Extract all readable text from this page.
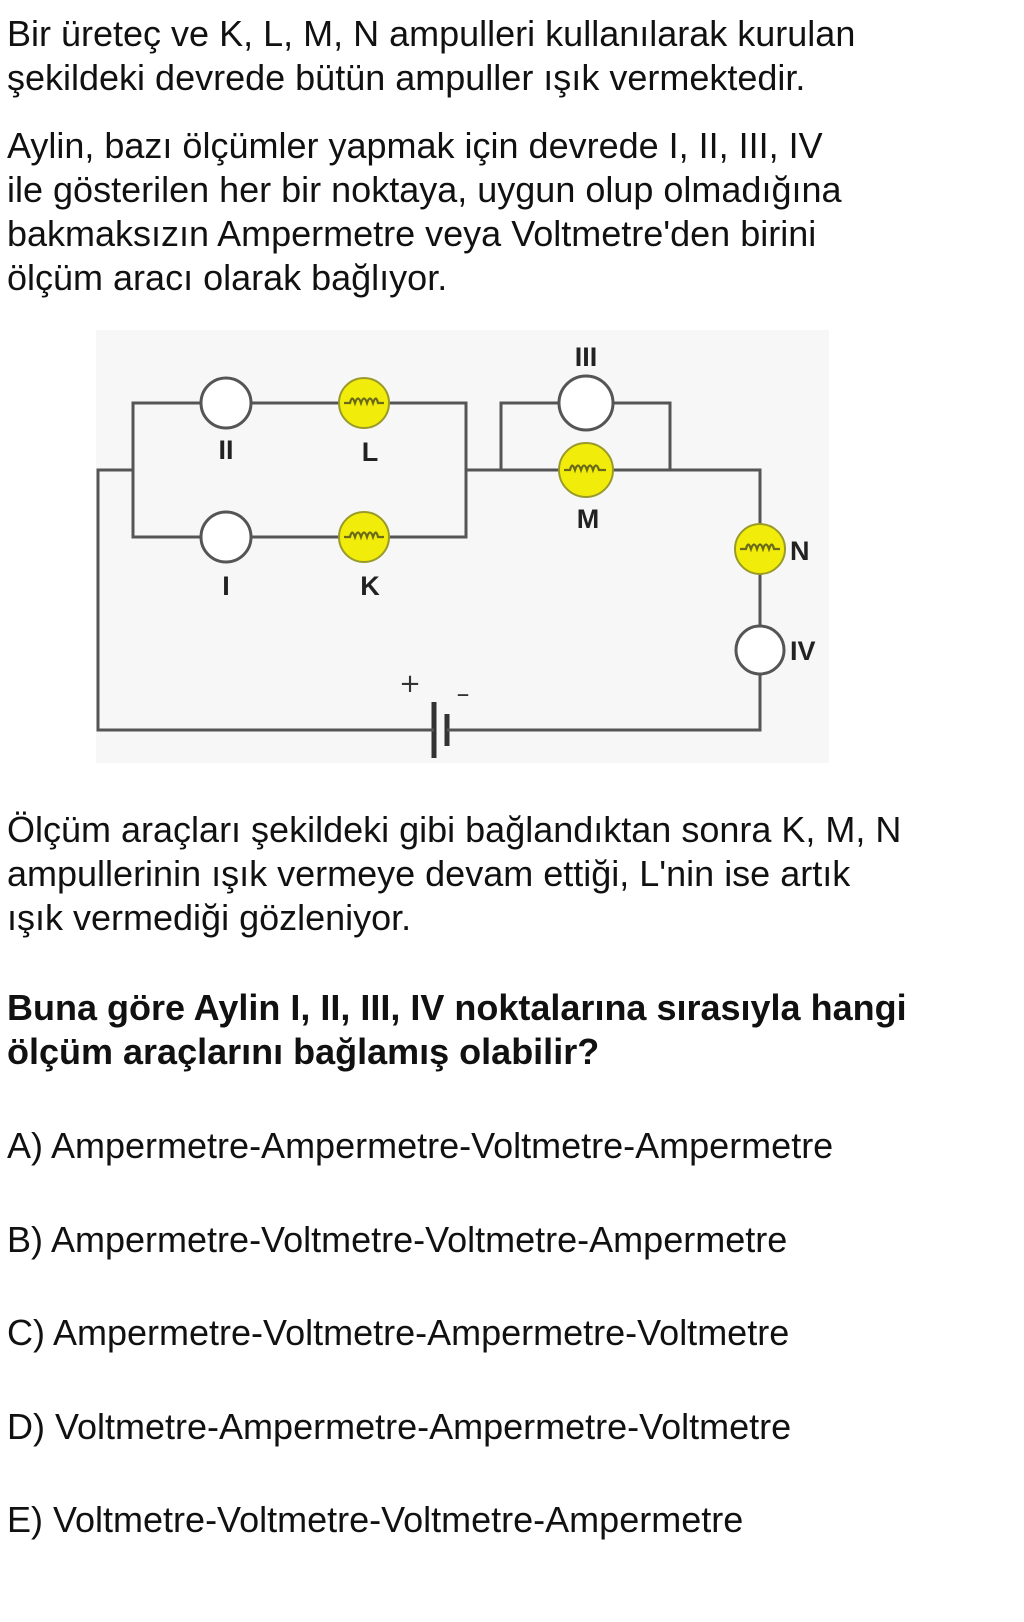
Bir üreteç ve K, L, M, N ampulleri kullanılarak kurulan
şekildeki devrede bütün ampuller ışık vermektedir.

Aylin, bazı ölçümler yapmak için devrede I, II, III, IV
ile gösterilen her bir noktaya, uygun olup olmadığına
bakmaksızın Ampermetre veya Voltmetre'den birini
ölçüm aracı olarak bağlıyor.

+ –
II	L
I	K
III
M
N
IV

Ölçüm araçları şekildeki gibi bağlandıktan sonra K, M, N
ampullerinin ışık vermeye devam ettiği, L'nin ise artık
ışık vermediği gözleniyor.

Buna göre Aylin I, II, III, IV noktalarına sırasıyla hangi
ölçüm araçlarını bağlamış olabilir?

A) Ampermetre-Ampermetre-Voltmetre-Ampermetre

B) Ampermetre-Voltmetre-Voltmetre-Ampermetre

C) Ampermetre-Voltmetre-Ampermetre-Voltmetre

D) Voltmetre-Ampermetre-Ampermetre-Voltmetre

E) Voltmetre-Voltmetre-Voltmetre-Ampermetre
